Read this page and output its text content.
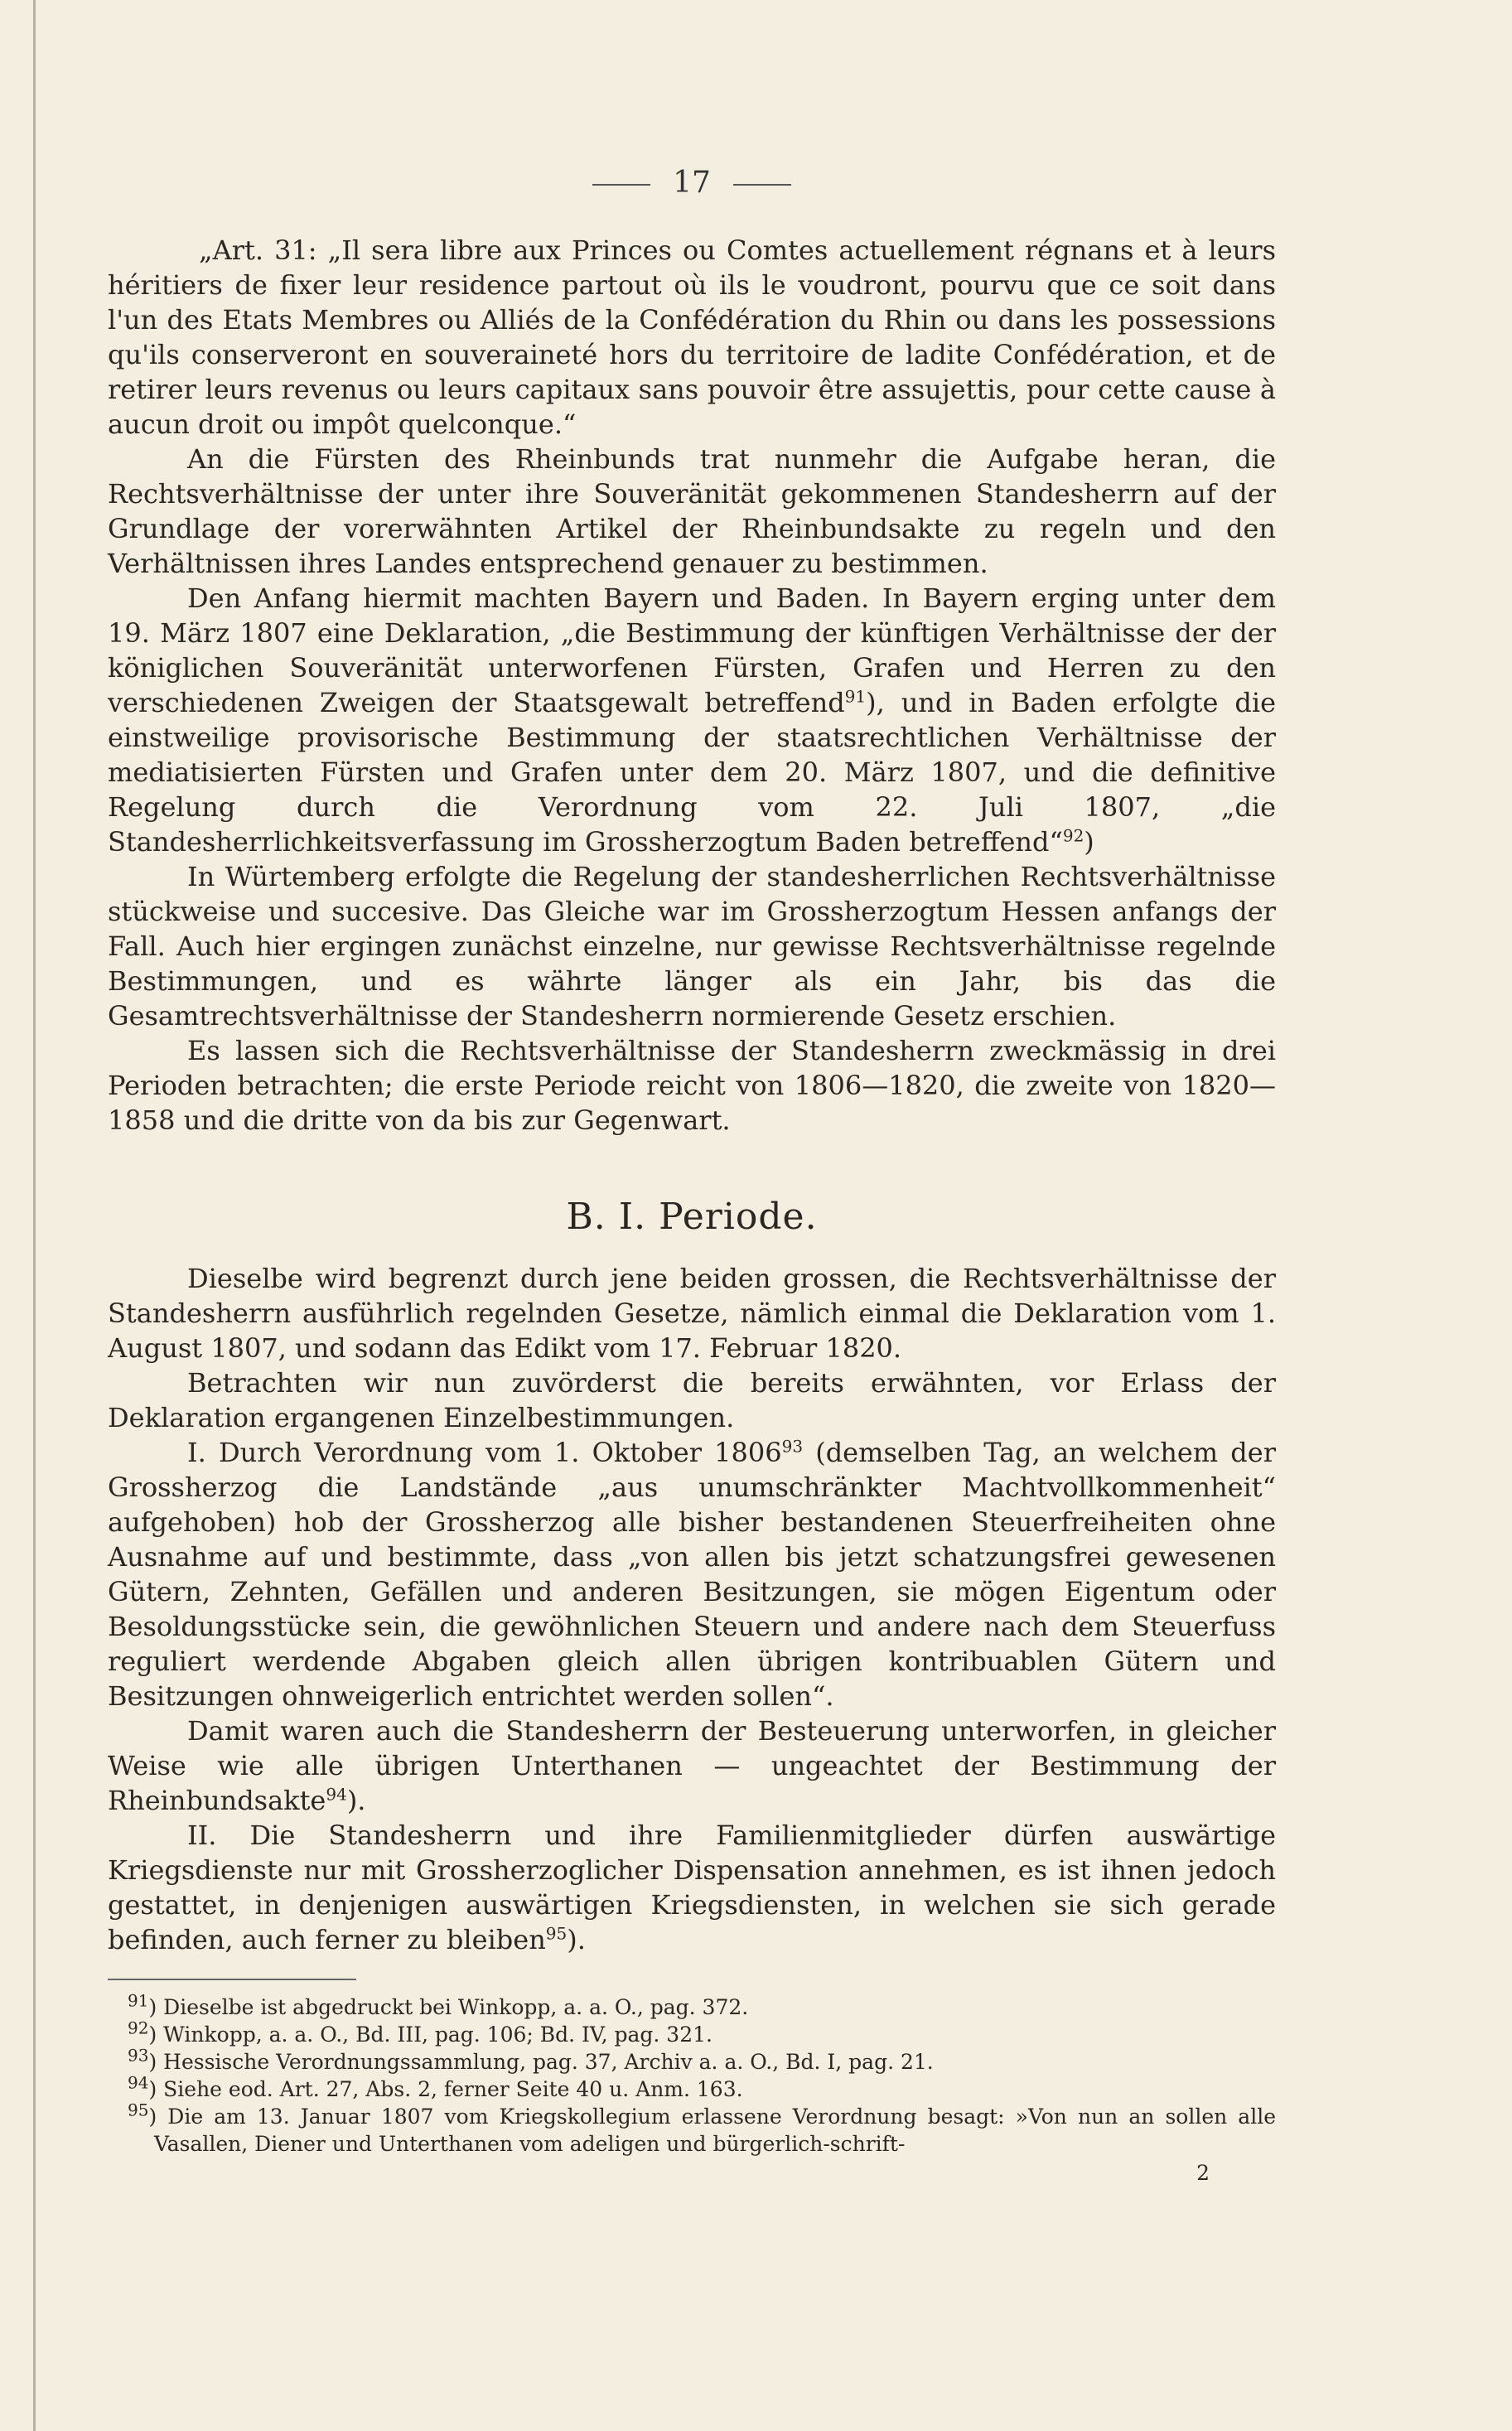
17

„Art. 31: „Il sera libre aux Princes ou Comtes actuellement régnans et à leurs héritiers de fixer leur residence partout où ils le voudront, pourvu que ce soit dans l'un des Etats Membres ou Alliés de la Confédération du Rhin ou dans les possessions qu'ils conserveront en souveraineté hors du territoire de ladite Confédération, et de retirer leurs revenus ou leurs capitaux sans pouvoir être assujettis, pour cette cause à aucun droit ou impôt quelconque.“

An die Fürsten des Rheinbunds trat nunmehr die Aufgabe heran, die Rechtsverhältnisse der unter ihre Souveränität gekommenen Standesherrn auf der Grundlage der vorerwähnten Artikel der Rheinbundsakte zu regeln und den Verhältnissen ihres Landes entsprechend genauer zu bestimmen.

Den Anfang hiermit machten Bayern und Baden. In Bayern erging unter dem 19. März 1807 eine Deklaration, „die Bestimmung der künftigen Verhältnisse der der königlichen Souveränität unterworfenen Fürsten, Grafen und Herren zu den verschiedenen Zweigen der Staatsgewalt betreffend$^{91}$), und in Baden erfolgte die einstweilige provisorische Bestimmung der staatsrechtlichen Verhältnisse der mediatisierten Fürsten und Grafen unter dem 20. März 1807, und die definitive Regelung durch die Verordnung vom 22. Juli 1807, „die Standesherrlichkeitsverfassung im Grossherzogtum Baden betreffend“$^{92}$)

In Würtemberg erfolgte die Regelung der standesherrlichen Rechtsverhältnisse stückweise und succesive. Das Gleiche war im Grossherzogtum Hessen anfangs der Fall. Auch hier ergingen zunächst einzelne, nur gewisse Rechtsverhältnisse regelnde Bestimmungen, und es währte länger als ein Jahr, bis das die Gesamtrechtsverhältnisse der Standesherrn normierende Gesetz erschien.

Es lassen sich die Rechtsverhältnisse der Standesherrn zweckmässig in drei Perioden betrachten; die erste Periode reicht von 1806—1820, die zweite von 1820—1858 und die dritte von da bis zur Gegenwart.

B. I. Periode.

Dieselbe wird begrenzt durch jene beiden grossen, die Rechtsverhältnisse der Standesherrn ausführlich regelnden Gesetze, nämlich einmal die Deklaration vom 1. August 1807, und sodann das Edikt vom 17. Februar 1820.

Betrachten wir nun zuvörderst die bereits erwähnten, vor Erlass der Deklaration ergangenen Einzelbestimmungen.

I. Durch Verordnung vom 1. Oktober 1806$^{93}$ (demselben Tag, an welchem der Grossherzog die Landstände „aus unumschränkter Machtvollkommenheit“ aufgehoben) hob der Grossherzog alle bisher bestandenen Steuerfreiheiten ohne Ausnahme auf und bestimmte, dass „von allen bis jetzt schatzungsfrei gewesenen Gütern, Zehnten, Gefällen und anderen Besitzungen, sie mögen Eigentum oder Besoldungsstücke sein, die gewöhnlichen Steuern und andere nach dem Steuerfuss reguliert werdende Abgaben gleich allen übrigen kontribuablen Gütern und Besitzungen ohnweigerlich entrichtet werden sollen“.

Damit waren auch die Standesherrn der Besteuerung unterworfen, in gleicher Weise wie alle übrigen Unterthanen — ungeachtet der Bestimmung der Rheinbundsakte$^{94}$).

II. Die Standesherrn und ihre Familienmitglieder dürfen auswärtige Kriegsdienste nur mit Grossherzoglicher Dispensation annehmen, es ist ihnen jedoch gestattet, in denjenigen auswärtigen Kriegsdiensten, in welchen sie sich gerade befinden, auch ferner zu bleiben$^{95}$).

$^{91}$) Dieselbe ist abgedruckt bei Winkopp, a. a. O., pag. 372.

$^{92}$) Winkopp, a. a. O., Bd. III, pag. 106; Bd. IV, pag. 321.

$^{93}$) Hessische Verordnungssammlung, pag. 37, Archiv a. a. O., Bd. I, pag. 21.

$^{94}$) Siehe eod. Art. 27, Abs. 2, ferner Seite 40 u. Anm. 163.

$^{95}$) Die am 13. Januar 1807 vom Kriegskollegium erlassene Verordnung besagt: »Von nun an sollen alle Vasallen, Diener und Unterthanen vom adeligen und bürgerlich-schrift-

2
